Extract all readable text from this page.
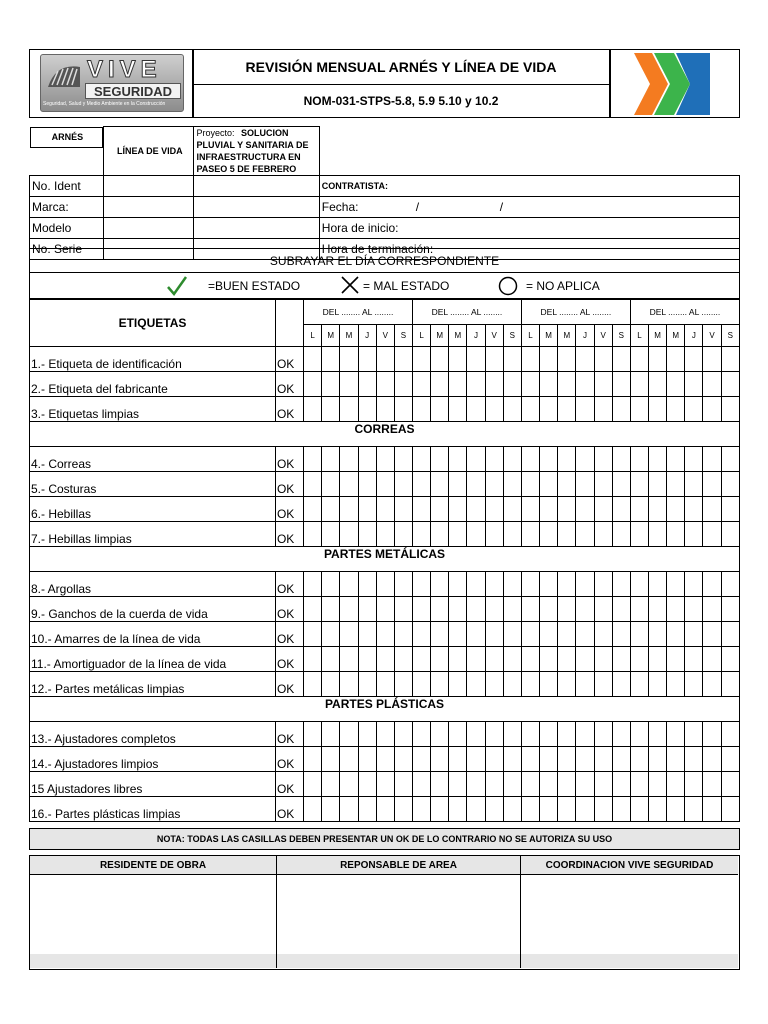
VIVE
SEGURIDAD
Seguridad, Salud y Medio Ambiente en la Construcción
REVISIÓN MENSUAL ARNÉS Y LÍNEA DE VIDA
NOM-031-STPS-5.8, 5.9 5.10 y 10.2
ARNÉS
LÍNEA DE VIDA	Proyecto: SOLUCION PLUVIAL Y SANITARIA DE INFRAESTRUCTURA EN PASEO 5 DE FEBRERO	
No. Ident			CONTRATISTA:
Marca:			Fecha: / /

Modelo			Hora de inicio:
No. Serie			Hora de terminación:
SUBRAYAR EL DÍA CORRESPONDIENTE
=BUEN ESTADO	= MAL ESTADO	= NO APLICA
ETIQUETAS		DEL ........ AL ........						DEL ........ AL ........						DEL ........ AL ........						DEL ........ AL ........					
		L	M	M	J	V	S	L	M	M	J	V	S	L	M	M	J	V	S	L	M	M	J	V	S
1.- Etiqueta de identificación	OK																								
2.- Etiqueta del fabricante	OK																								
3.- Etiquetas limpias	OK																								
CORREAS																									
4.- Correas	OK																								
5.- Costuras	OK																								
6.- Hebillas	OK																								
7.- Hebillas limpias	OK																								
PARTES METÁLICAS																									
8.- Argollas	OK																								
9.- Ganchos de la cuerda de vida	OK																								
10.- Amarres de la línea de vida	OK																								
11.- Amortiguador de la línea de vida	OK																								
12.- Partes metálicas limpias	OK																								
PARTES PLÁSTICAS																									
13.- Ajustadores completos	OK																								
14.- Ajustadores limpios	OK																								
15 Ajustadores libres	OK																								
16.- Partes plásticas limpias	OK																								
NOTA: TODAS LAS CASILLAS DEBEN PRESENTAR UN OK DE LO CONTRARIO NO SE AUTORIZA SU USO
RESIDENTE DE OBRA	REPONSABLE DE AREA	COORDINACION VIVE SEGURIDAD
